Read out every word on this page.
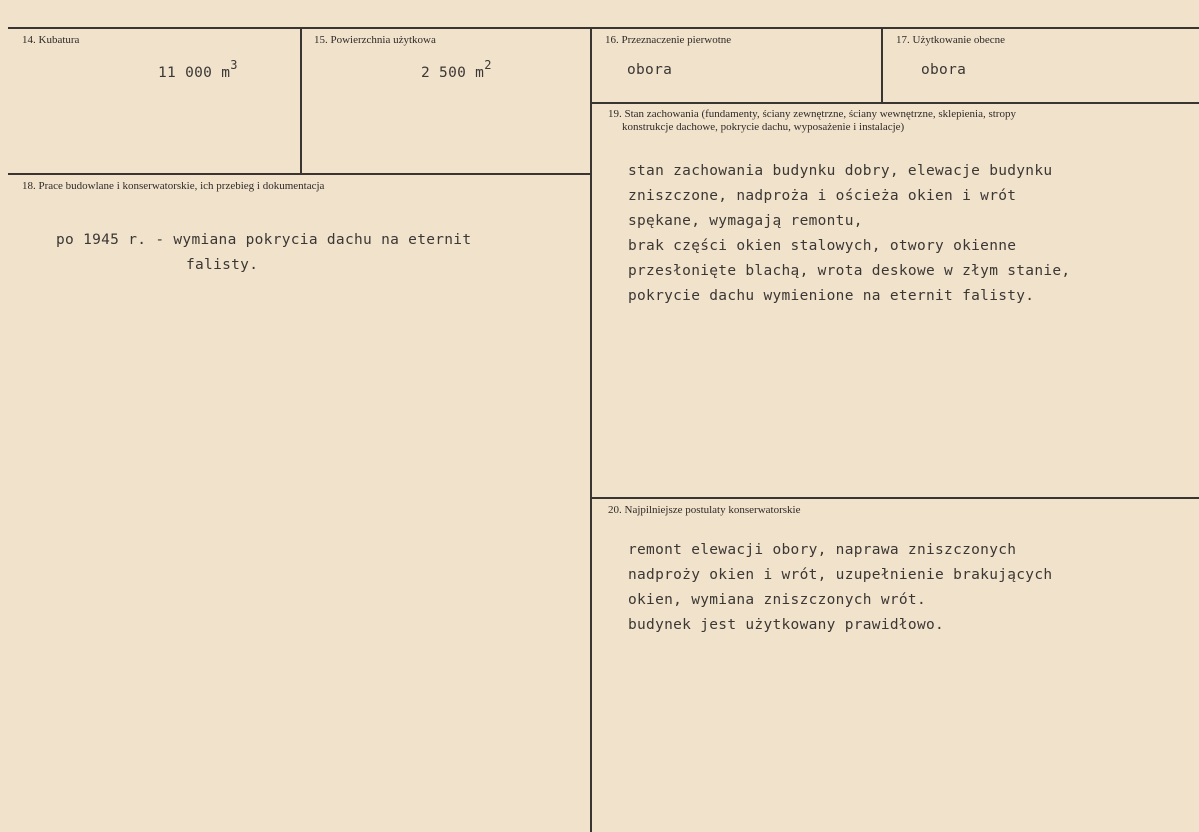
14. Kubatura
11 000 $m^3$
15. Powierzchnia użytkowa
2 500 $m^2$
16. Przeznaczenie pierwotne
obora
17. Użytkowanie obecne
obora
18. Prace budowlane i konserwatorskie, ich przebieg i dokumentacja
po 1945 r. - wymiana pokrycia dachu na eternit
falisty.
19. Stan zachowania (fundamenty, ściany zewnętrzne, ściany wewnętrzne, sklepienia, stropy
konstrukcje dachowe, pokrycie dachu, wyposażenie i instalacje)
stan zachowania budynku dobry, elewacje budynku
zniszczone, nadproża i ościeża okien i wrót
spękane, wymagają remontu,
brak części okien stalowych, otwory okienne
przesłonięte blachą, wrota deskowe w złym stanie,
pokrycie dachu wymienione na eternit falisty.
20. Najpilniejsze postulaty konserwatorskie
remont elewacji obory, naprawa zniszczonych
nadproży okien i wrót, uzupełnienie brakujących
okien, wymiana zniszczonych wrót.
budynek jest użytkowany prawidłowo.
